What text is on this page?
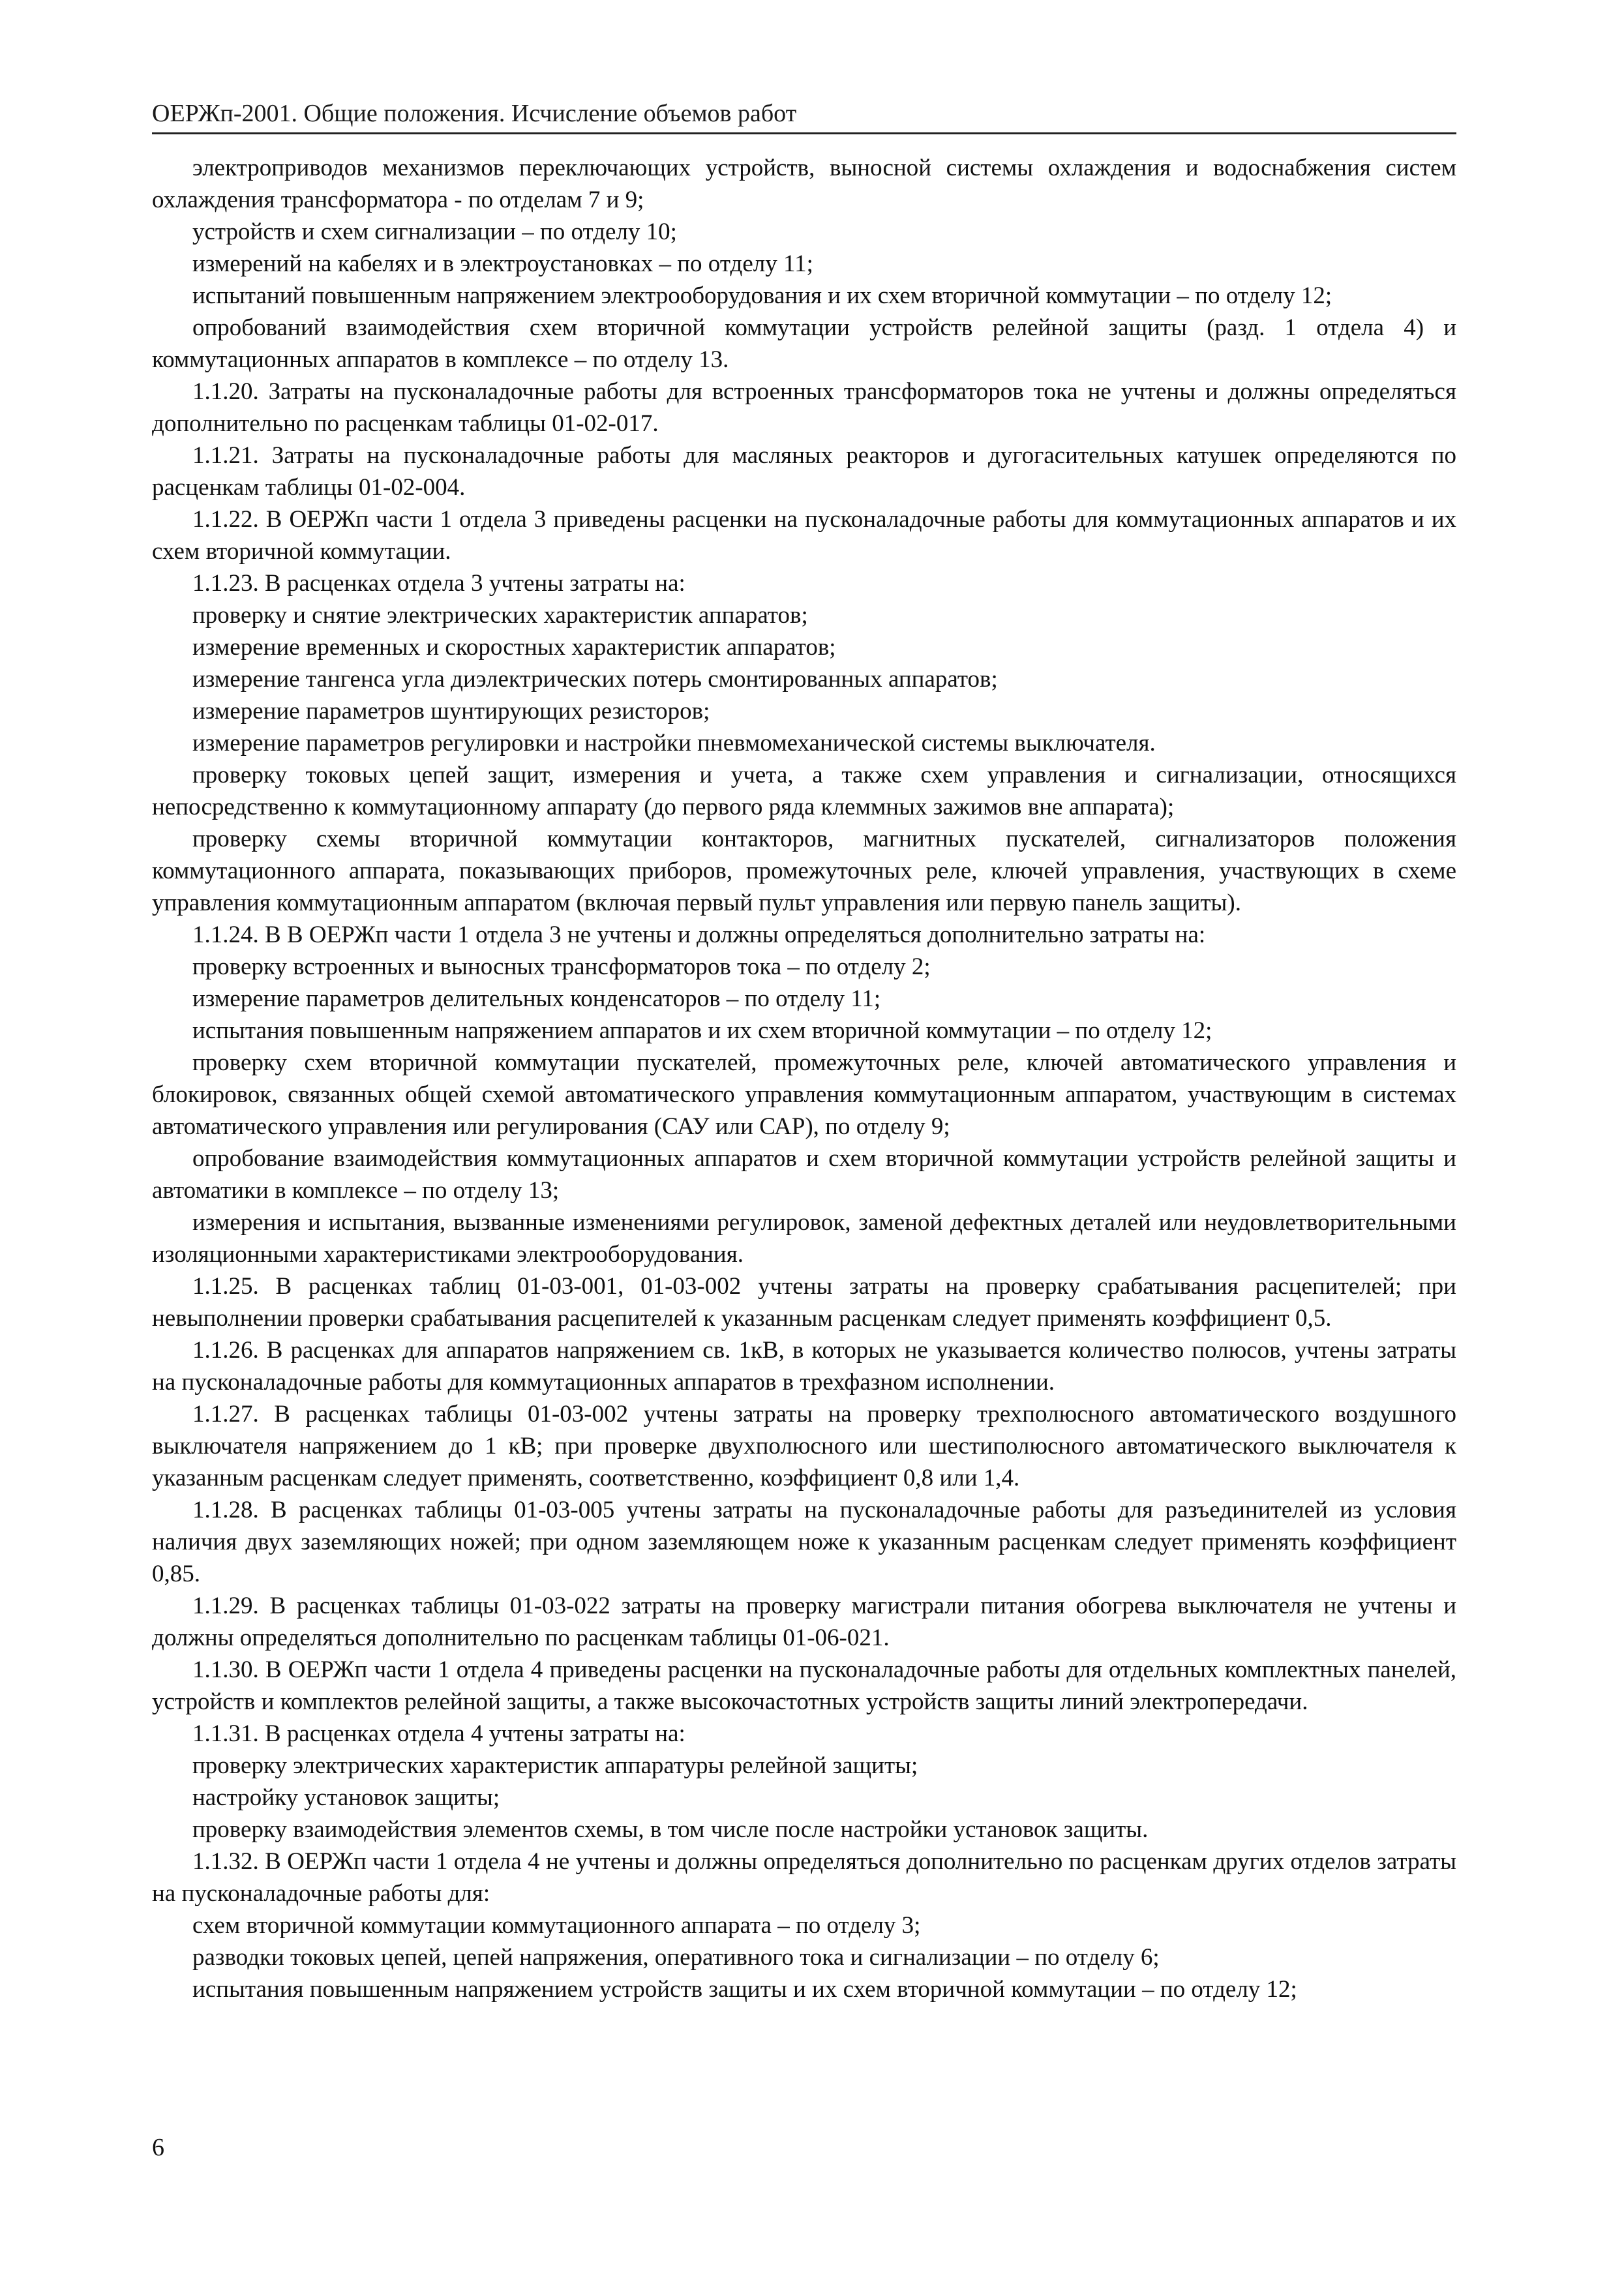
ОЕРЖп-2001. Общие положения. Исчисление объемов работ

электроприводов механизмов переключающих устройств, выносной системы охлаждения и водоснабжения систем охлаждения трансформатора - по отделам 7 и 9;

устройств и схем сигнализации – по отделу 10;

измерений на кабелях и в электроустановках – по отделу 11;

испытаний повышенным напряжением электрооборудования и их схем вторичной коммутации – по отделу 12;

опробований взаимодействия схем вторичной коммутации устройств релейной защиты (разд. 1 отдела 4) и коммутационных аппаратов в комплексе – по отделу 13.

1.1.20. Затраты на пусконаладочные работы для встроенных трансформаторов тока не учтены и должны определяться дополнительно по расценкам таблицы 01-02-017.

1.1.21. Затраты на пусконаладочные работы для масляных реакторов и дугогасительных катушек определяются по расценкам таблицы 01-02-004.

1.1.22. В ОЕРЖп части 1 отдела 3 приведены расценки на пусконаладочные работы для коммутационных аппаратов и их схем вторичной коммутации.

1.1.23. В расценках отдела 3 учтены затраты на:

проверку и снятие электрических характеристик аппаратов;

измерение временных и скоростных характеристик аппаратов;

измерение тангенса угла диэлектрических потерь смонтированных аппаратов;

измерение параметров шунтирующих резисторов;

измерение параметров регулировки и настройки пневмомеханической системы выключателя.

проверку токовых цепей защит, измерения и учета, а также схем управления и сигнализации, относящихся непосредственно к коммутационному аппарату (до первого ряда клеммных зажимов вне аппарата);

проверку схемы вторичной коммутации контакторов, магнитных пускателей, сигнализаторов положения коммутационного аппарата, показывающих приборов, промежуточных реле, ключей управления, участвующих в схеме управления коммутационным аппаратом (включая первый пульт управления или первую панель защиты).

1.1.24. В В ОЕРЖп части 1 отдела 3 не учтены и должны определяться дополнительно затраты на:

проверку встроенных и выносных трансформаторов тока – по отделу 2;

измерение параметров делительных конденсаторов – по отделу 11;

испытания повышенным напряжением аппаратов и их схем вторичной коммутации – по отделу 12;

проверку схем вторичной коммутации пускателей, промежуточных реле, ключей автоматического управления и блокировок, связанных общей схемой автоматического управления коммутационным аппаратом, участвующим в системах автоматического управления или регулирования (САУ или САР), по отделу 9;

опробование взаимодействия коммутационных аппаратов и схем вторичной коммутации устройств релейной защиты и автоматики в комплексе – по отделу 13;

измерения и испытания, вызванные изменениями регулировок, заменой дефектных деталей или неудовлетворительными изоляционными характеристиками электрооборудования.

1.1.25. В расценках таблиц 01-03-001, 01-03-002 учтены затраты на проверку срабатывания расцепителей; при невыполнении проверки срабатывания расцепителей к указанным расценкам следует применять коэффициент 0,5.

1.1.26. В расценках для аппаратов напряжением св. 1кВ, в которых не указывается количество полюсов, учтены затраты на пусконаладочные работы для коммутационных аппаратов в трехфазном исполнении.

1.1.27. В расценках таблицы 01-03-002 учтены затраты на проверку трехполюсного автоматического воздушного выключателя напряжением до 1 кВ; при проверке двухполюсного или шестиполюсного автоматического выключателя к указанным расценкам следует применять, соответственно, коэффициент 0,8 или 1,4.

1.1.28. В расценках таблицы 01-03-005 учтены затраты на пусконаладочные работы для разъединителей из условия наличия двух заземляющих ножей; при одном заземляющем ноже к указанным расценкам следует применять коэффициент 0,85.

1.1.29. В расценках таблицы 01-03-022 затраты на проверку магистрали питания обогрева выключателя не учтены и должны определяться дополнительно по расценкам таблицы 01-06-021.

1.1.30. В ОЕРЖп части 1 отдела 4 приведены расценки на пусконаладочные работы для отдельных комплектных панелей, устройств и комплектов релейной защиты, а также высокочастотных устройств защиты линий электропередачи.

1.1.31. В расценках отдела 4 учтены затраты на:

проверку электрических характеристик аппаратуры релейной защиты;

настройку установок защиты;

проверку взаимодействия элементов схемы, в том числе после настройки установок защиты.

1.1.32. В ОЕРЖп части 1 отдела 4 не учтены и должны определяться дополнительно по расценкам других отделов затраты на пусконаладочные работы для:

схем вторичной коммутации коммутационного аппарата – по отделу 3;

разводки токовых цепей, цепей напряжения, оперативного тока и сигнализации – по отделу 6;

испытания повышенным напряжением устройств защиты и их схем вторичной коммутации – по отделу 12;

6
